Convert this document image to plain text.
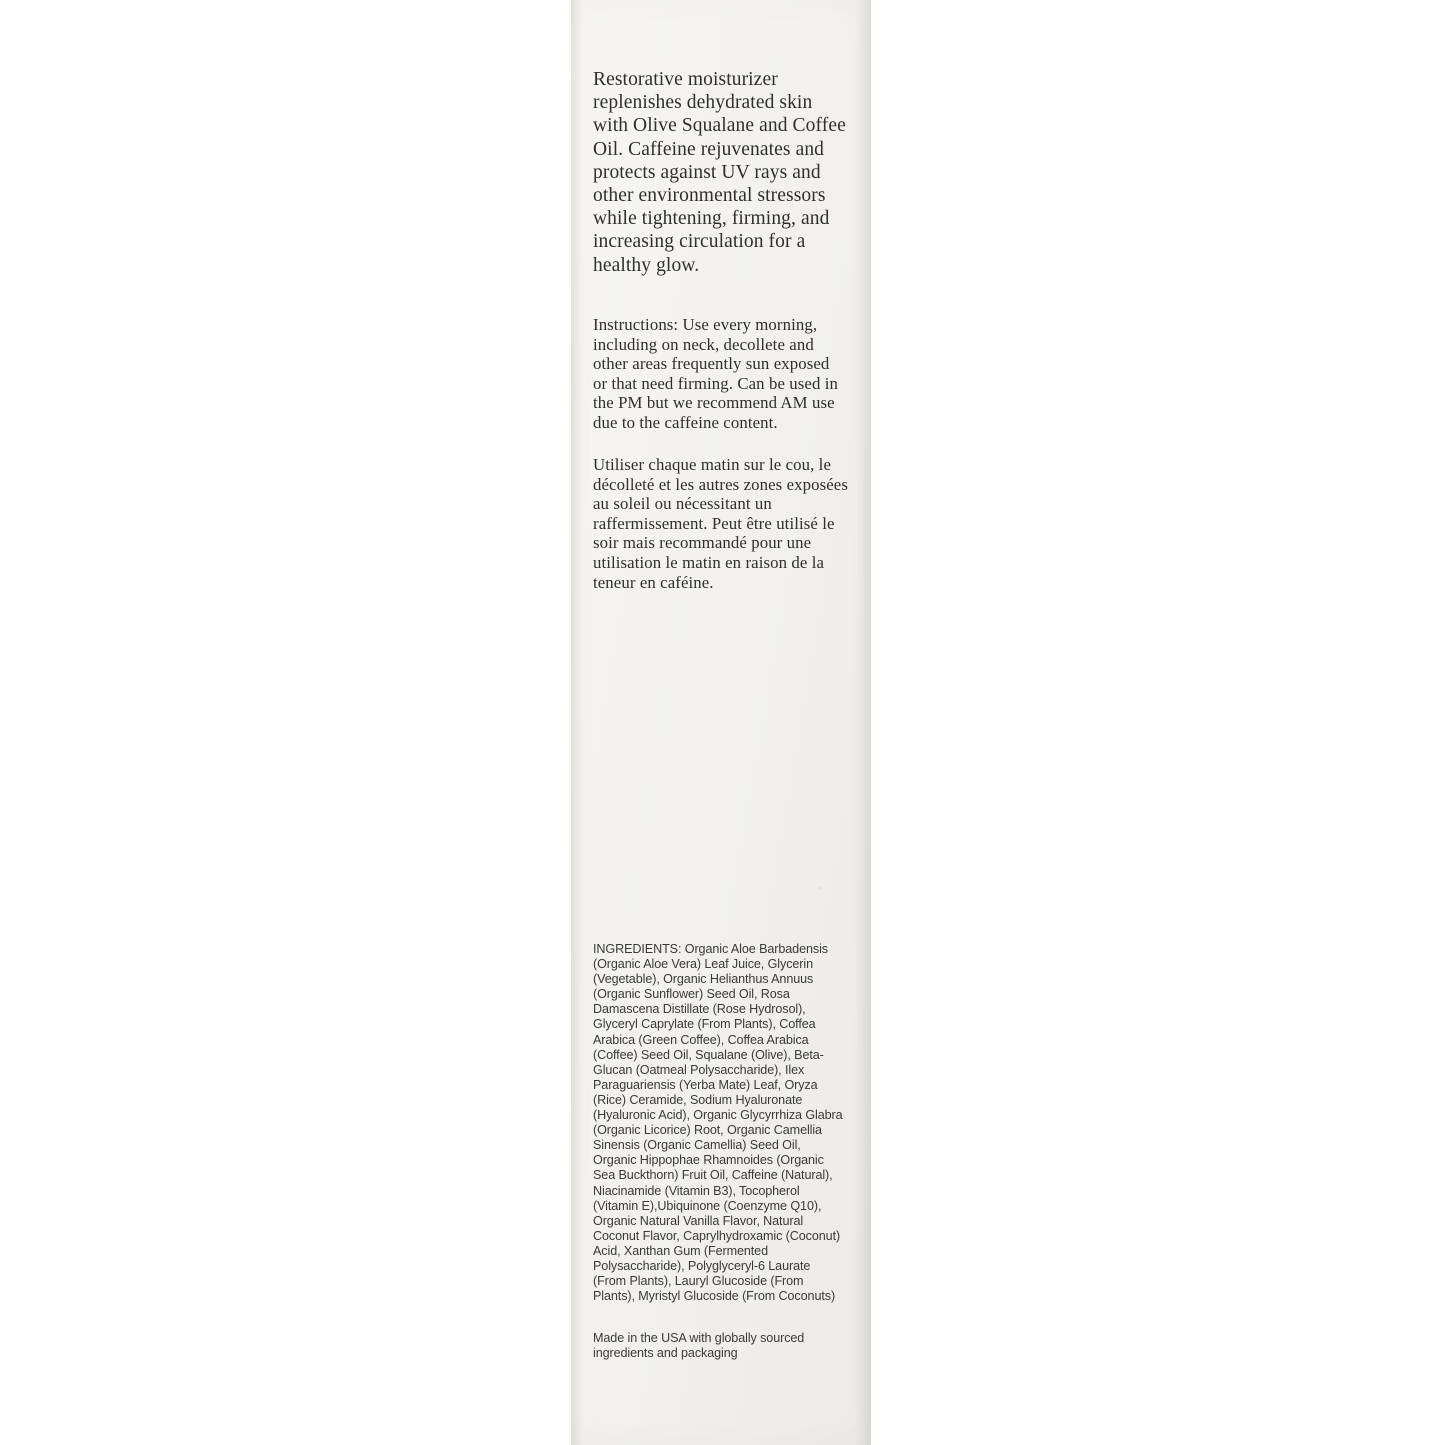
Restorative moisturizer replenishes dehydrated skin with Olive Squalane and Coffee Oil. Caffeine rejuvenates and protects against UV rays and other environmental stressors while tightening, firming, and increasing circulation for a healthy glow.
Instructions: Use every morning, including on neck, decollete and other areas frequently sun exposed or that need firming. Can be used in the PM but we recommend AM use due to the caffeine content.
Utiliser chaque matin sur le cou, le décolleté et les autres zones exposées au soleil ou nécessitant un raffermissement. Peut être utilisé le soir mais recommandé pour une utilisation le matin en raison de la teneur en caféine.
INGREDIENTS: Organic Aloe Barbadensis (Organic Aloe Vera) Leaf Juice, Glycerin (Vegetable), Organic Helianthus Annuus (Organic Sunflower) Seed Oil, Rosa Damascena Distillate (Rose Hydrosol), Glyceryl Caprylate (From Plants), Coffea Arabica (Green Coffee), Coffea Arabica (Coffee) Seed Oil, Squalane (Olive), Beta-Glucan (Oatmeal Polysaccharide), Ilex Paraguariensis (Yerba Mate) Leaf, Oryza (Rice) Ceramide, Sodium Hyaluronate (Hyaluronic Acid), Organic Glycyrrhiza Glabra (Organic Licorice) Root, Organic Camellia Sinensis (Organic Camellia) Seed Oil, Organic Hippophae Rhamnoides (Organic Sea Buckthorn) Fruit Oil, Caffeine (Natural), Niacinamide (Vitamin B3), Tocopherol (Vitamin E),Ubiquinone (Coenzyme Q10), Organic Natural Vanilla Flavor, Natural Coconut Flavor, Caprylhydroxamic (Coconut) Acid, Xanthan Gum (Fermented Polysaccharide), Polyglyceryl-6 Laurate (From Plants), Lauryl Glucoside (From Plants), Myristyl Glucoside (From Coconuts)
Made in the USA with globally sourced ingredients and packaging
